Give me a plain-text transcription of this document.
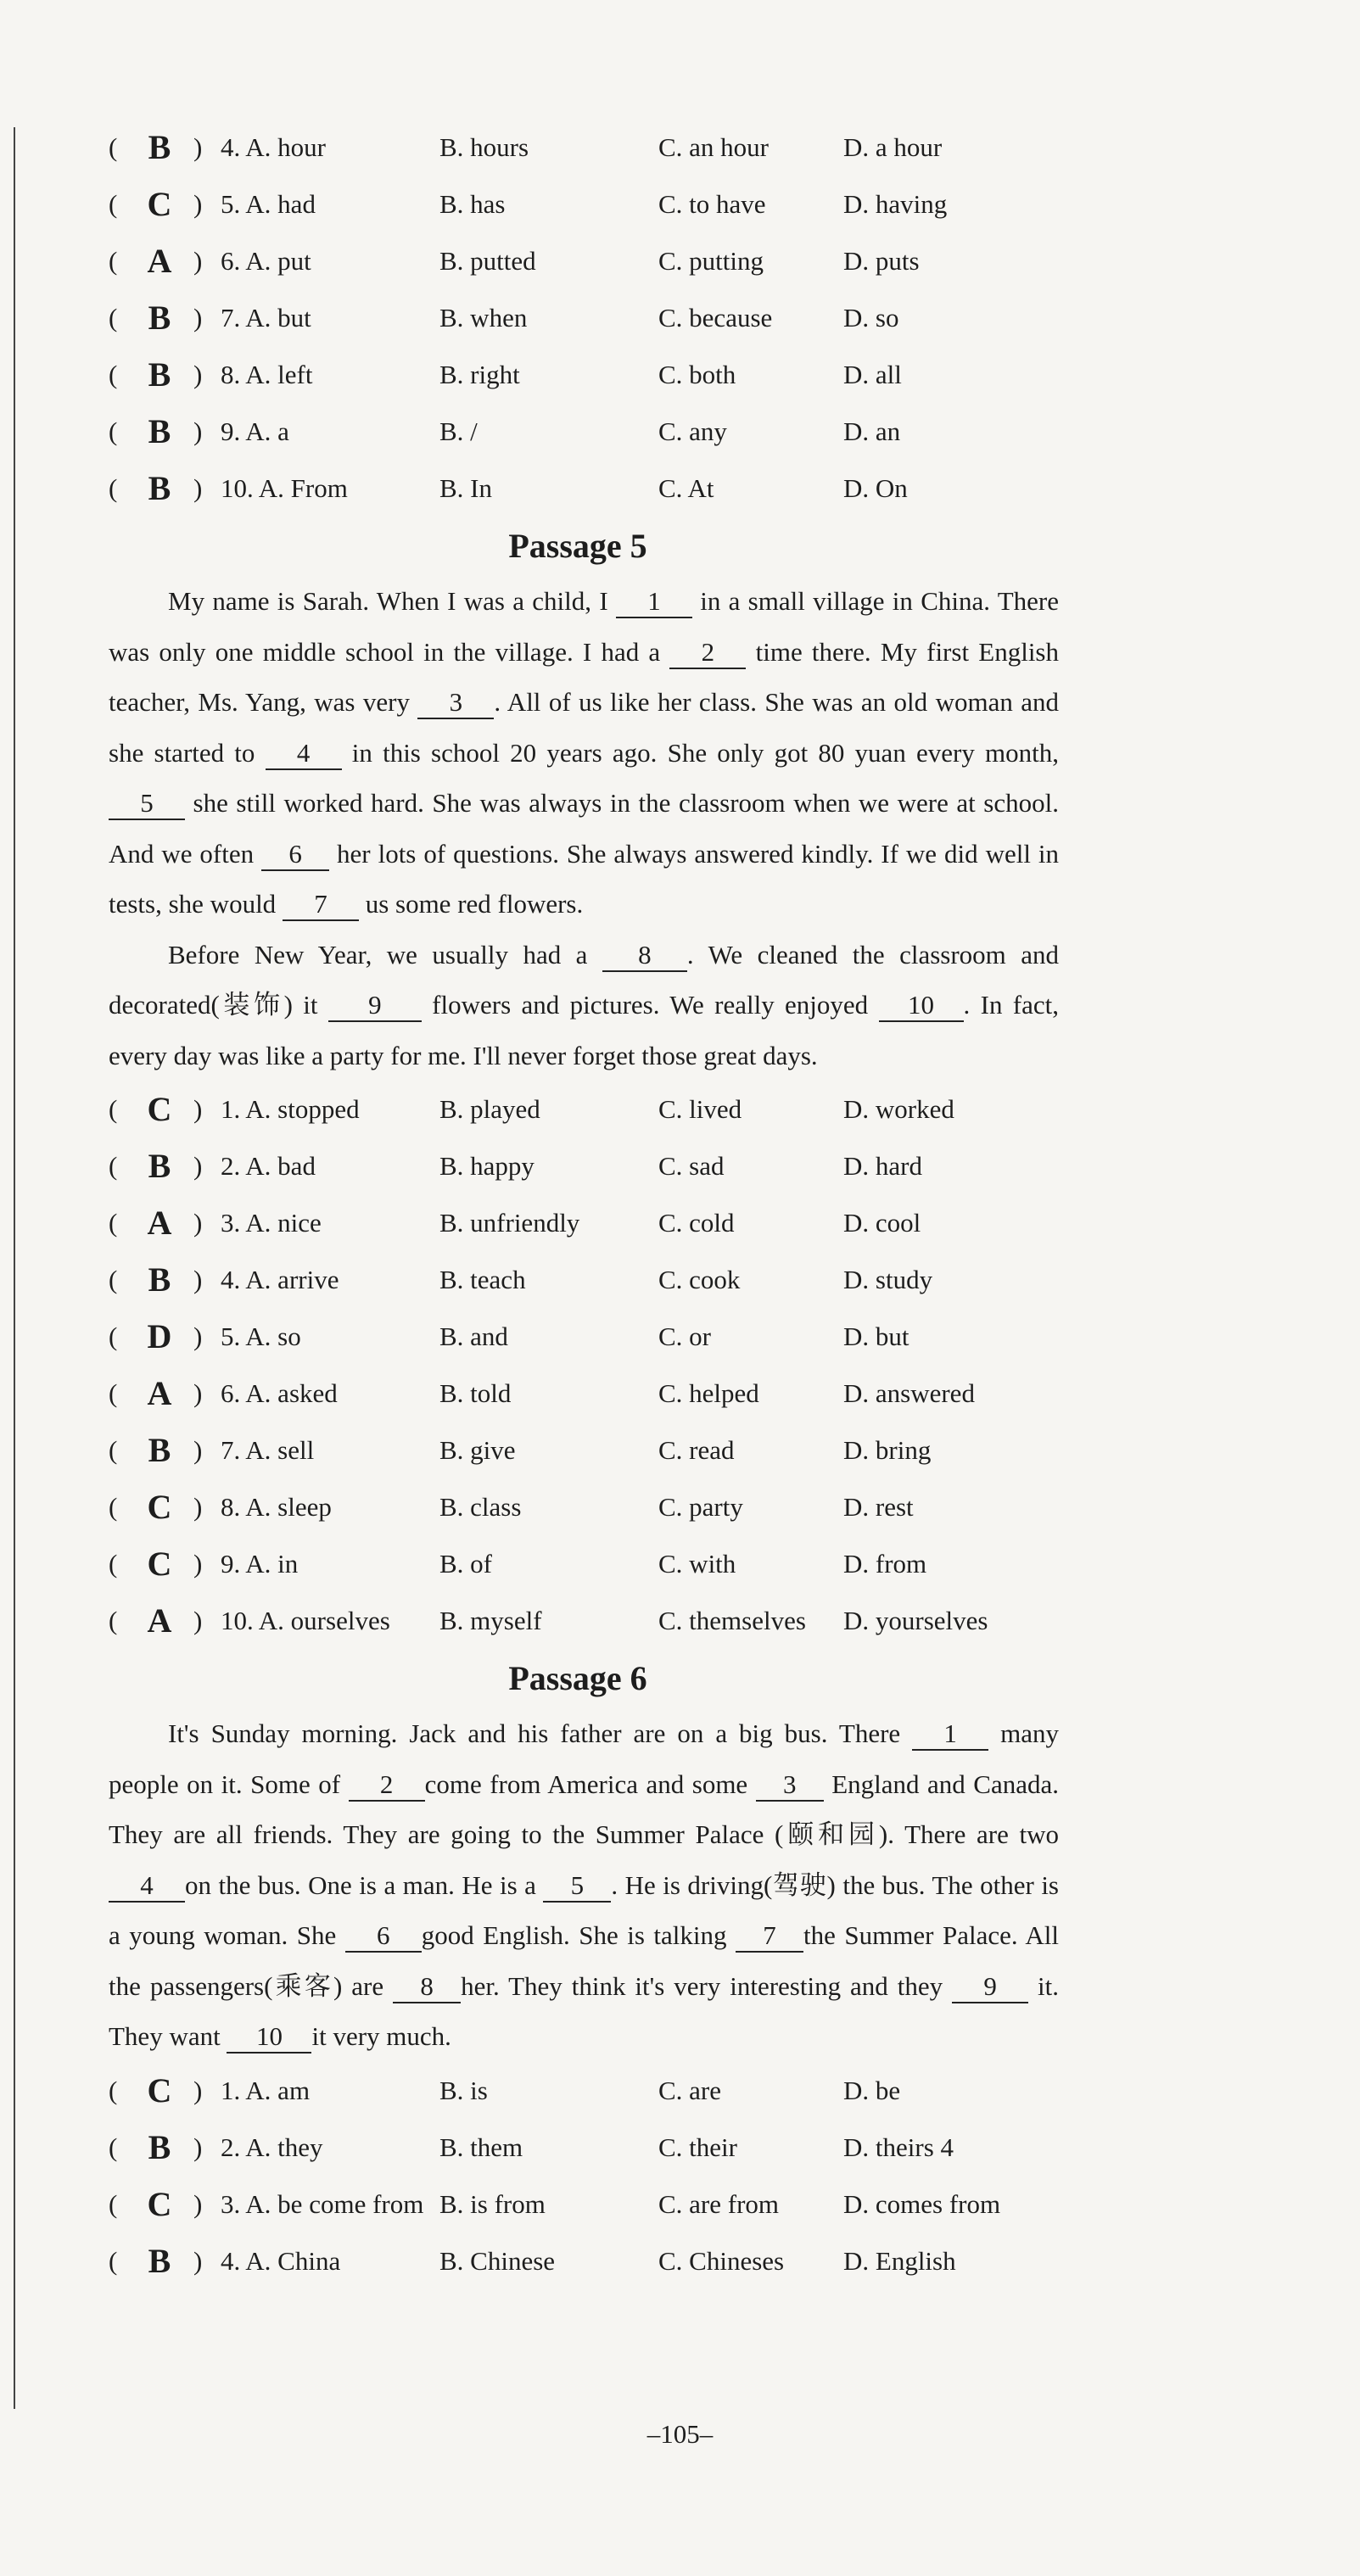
( B ) 4. A. hour	B. hours	C. an hour	D. a hour
( C ) 5. A. had	B. has	C. to have	D. having
( A ) 6. A. put	B. putted	C. putting	D. puts
( B ) 7. A. but	B. when	C. because	D. so
( B ) 8. A. left	B. right	C. both	D. all
( B ) 9. A. a	B. /	C. any	D. an
( B ) 10. A. From	B. In	C. At	D. On
Passage 5

My name is Sarah. When I was a child, I 1 in a small village in China. There was only one middle school in the village. I had a 2 time there. My first English teacher, Ms. Yang, was very 3 . All of us like her class. She was an old woman and she started to 4 in this school 20 years ago. She only got 80 yuan every month, 5 she still worked hard. She was always in the classroom when we were at school. And we often 6 her lots of questions. She always answered kindly. If we did well in tests, she would 7 us some red flowers.

Before New Year, we usually had a 8 . We cleaned the classroom and decorated(装饰) it 9 flowers and pictures. We really enjoyed 10 . In fact, every day was like a party for me. I'll never forget those great days.

( C ) 1. A. stopped	B. played	C. lived	D. worked
( B ) 2. A. bad	B. happy	C. sad	D. hard
( A ) 3. A. nice	B. unfriendly	C. cold	D. cool
( B ) 4. A. arrive	B. teach	C. cook	D. study
( D ) 5. A. so	B. and	C. or	D. but
( A ) 6. A. asked	B. told	C. helped	D. answered
( B ) 7. A. sell	B. give	C. read	D. bring
( C ) 8. A. sleep	B. class	C. party	D. rest
( C ) 9. A. in	B. of	C. with	D. from
( A ) 10. A. ourselves B. myself	C. themselves D. yourselves
Passage 6

It's Sunday morning. Jack and his father are on a big bus. There 1 many people on it. Some of 2 come from America and some 3 England and Canada. They are all friends. They are going to the Summer Palace (颐和园). There are two 4 on the bus. One is a man. He is a 5 . He is driving(驾驶) the bus. The other is a young woman. She 6 good English. She is talking 7 the Summer Palace. All the passengers(乘客) are 8 her. They think it's very interesting and they 9 it. They want 10 it very much.

( C ) 1. A. am	B. is	C. are	D. be
( B ) 2. A. they	B. them	C. their	D. theirs 4
( C ) 3. A. be come from B. is from	C. are from D. comes from
( B ) 4. A. China	B. Chinese	C. Chineses D. English
–105–
